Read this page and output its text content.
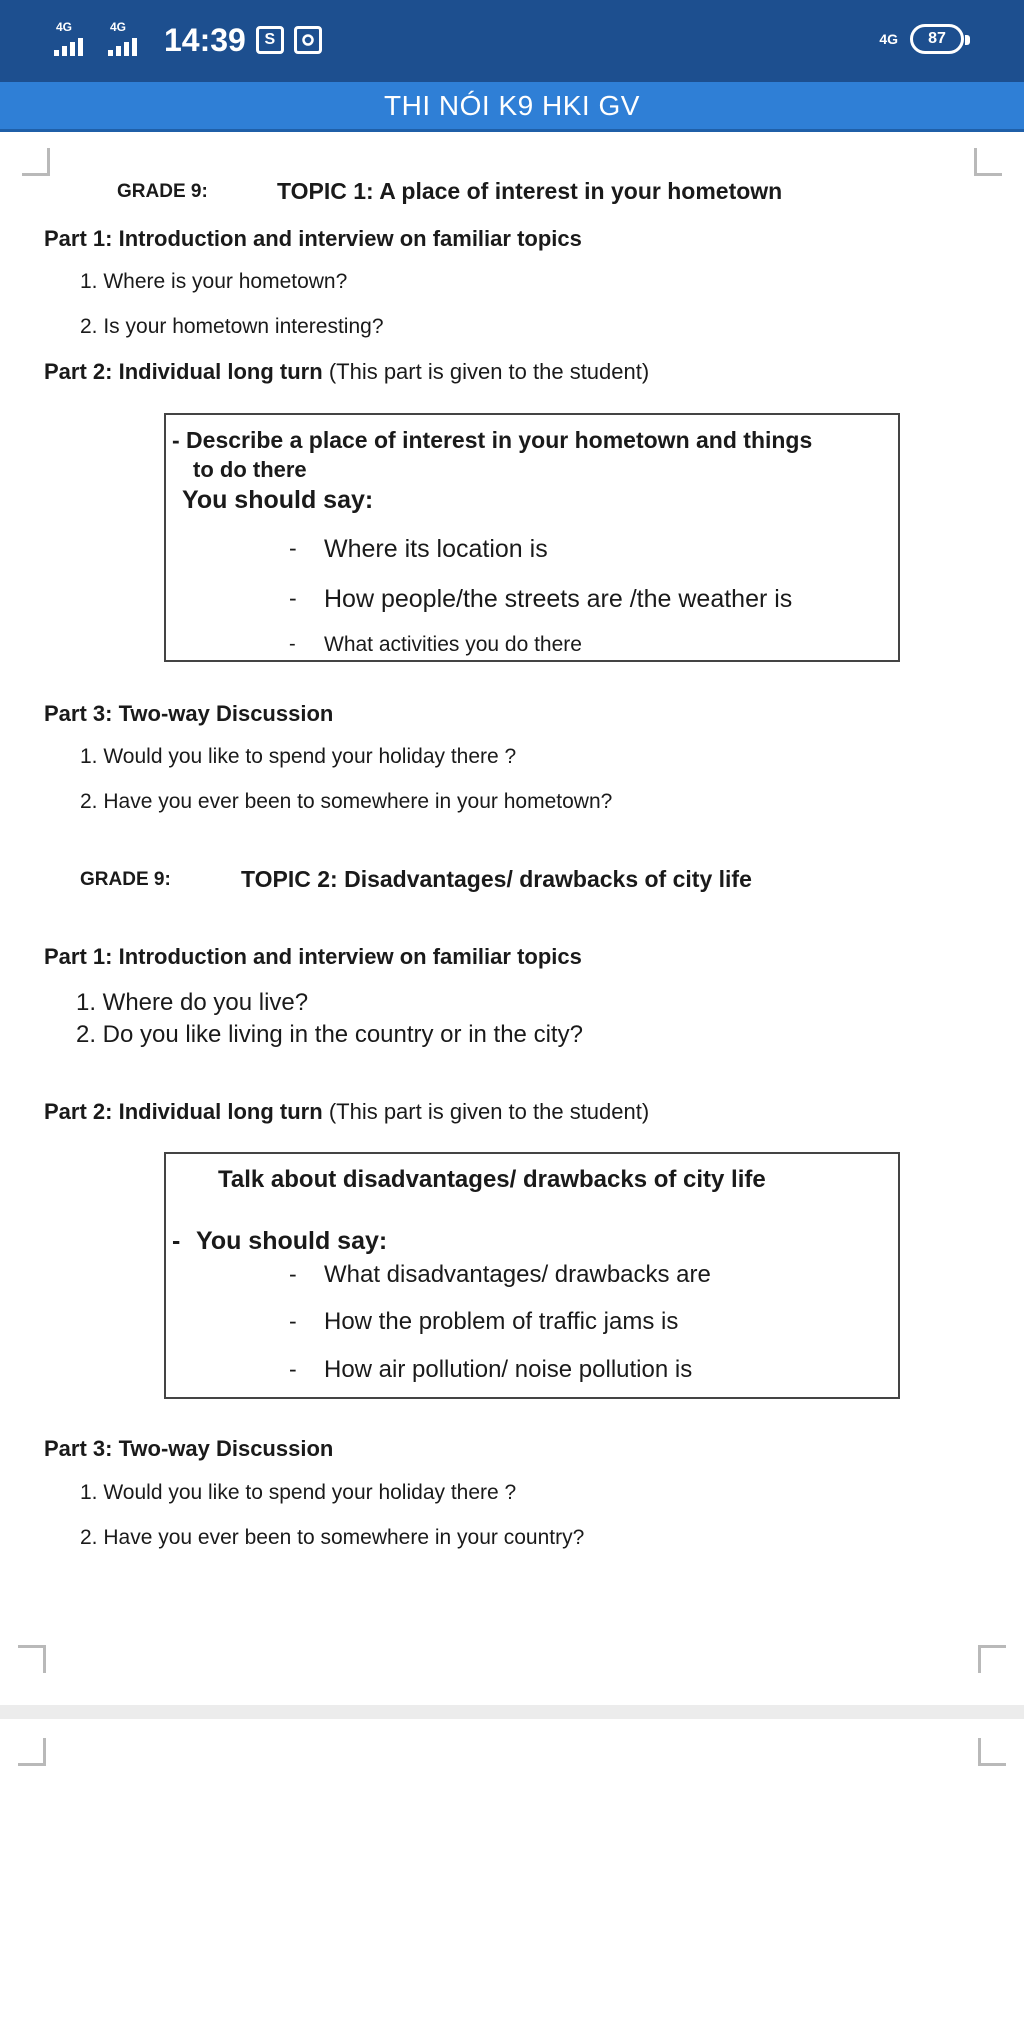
4G	4G 14:39	S	4G	87
THI NÓI K9 HKI GV
GRADE 9:	TOPIC 1: A place of interest in your hometown
Part 1: Introduction and interview on familiar topics
1. Where is your hometown?
2. Is your hometown interesting?
Part 2: Individual long turn (This part is given to the student)
- Describe a place of interest in your hometown and things
to do there
You should say:
- Where its location is
- How people/the streets are /the weather is
- What activities you do there
Part 3: Two-way Discussion
1. Would you like to spend your holiday there ?
2. Have you ever been to somewhere in your hometown?
GRADE 9:	TOPIC 2: Disadvantages/ drawbacks of city life
Part 1: Introduction and interview on familiar topics
1. Where do you live?
2. Do you like living in the country or in the city?
Part 2: Individual long turn (This part is given to the student)
Talk about disadvantages/ drawbacks of city life
- You should say:
- What disadvantages/ drawbacks are
- How the problem of traffic jams is
- How air pollution/ noise pollution is
Part 3: Two-way Discussion
1. Would you like to spend your holiday there ?
2. Have you ever been to somewhere in your country?
